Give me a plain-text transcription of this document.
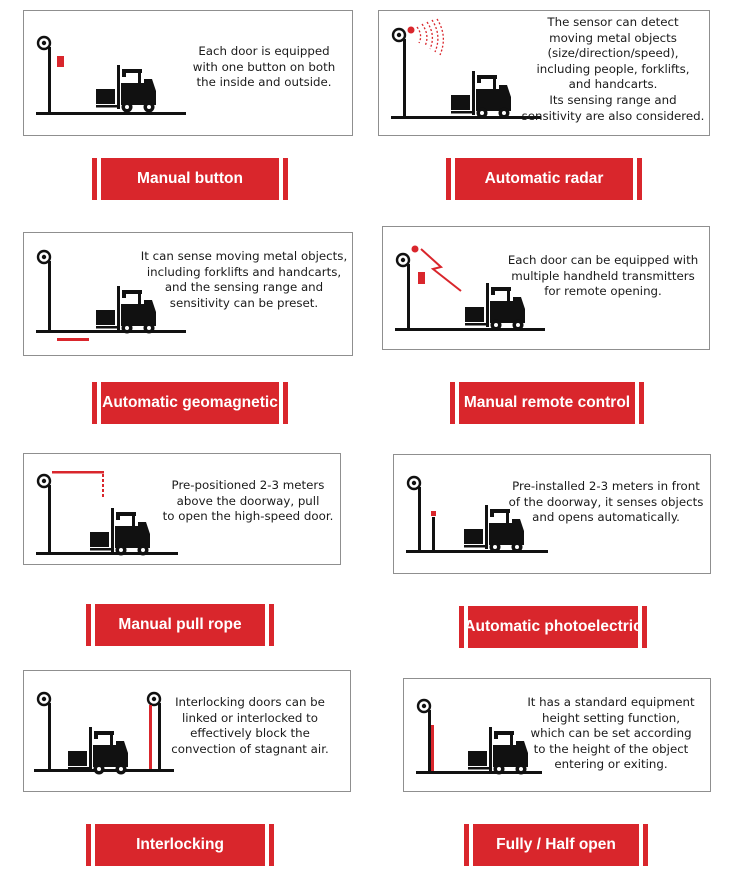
Each door is equipped
with one button on both
the inside and outside.

Manual button

The sensor can detect
moving metal objects
(size/direction/speed),
including people, forklifts,
and handcarts.
Its sensing range and
sensitivity are also considered.

Automatic radar

It can sense moving metal objects,
including forklifts and handcarts,
and the sensing range and
sensitivity can be preset.

Automatic geomagnetic

Each door can be equipped with
multiple handheld transmitters
for remote opening.

Manual remote control

Pre-positioned 2-3 meters
above the doorway, pull
to open the high-speed door.

Manual pull rope

Pre-installed 2-3 meters in front
of the doorway, it senses objects
and opens automatically.

Automatic photoelectric

Interlocking doors can be
linked or interlocked to
effectively block the
convection of stagnant air.

Interlocking

It has a standard equipment
height setting function,
which can be set according
to the height of the object
entering or exiting.

Fully / Half open
